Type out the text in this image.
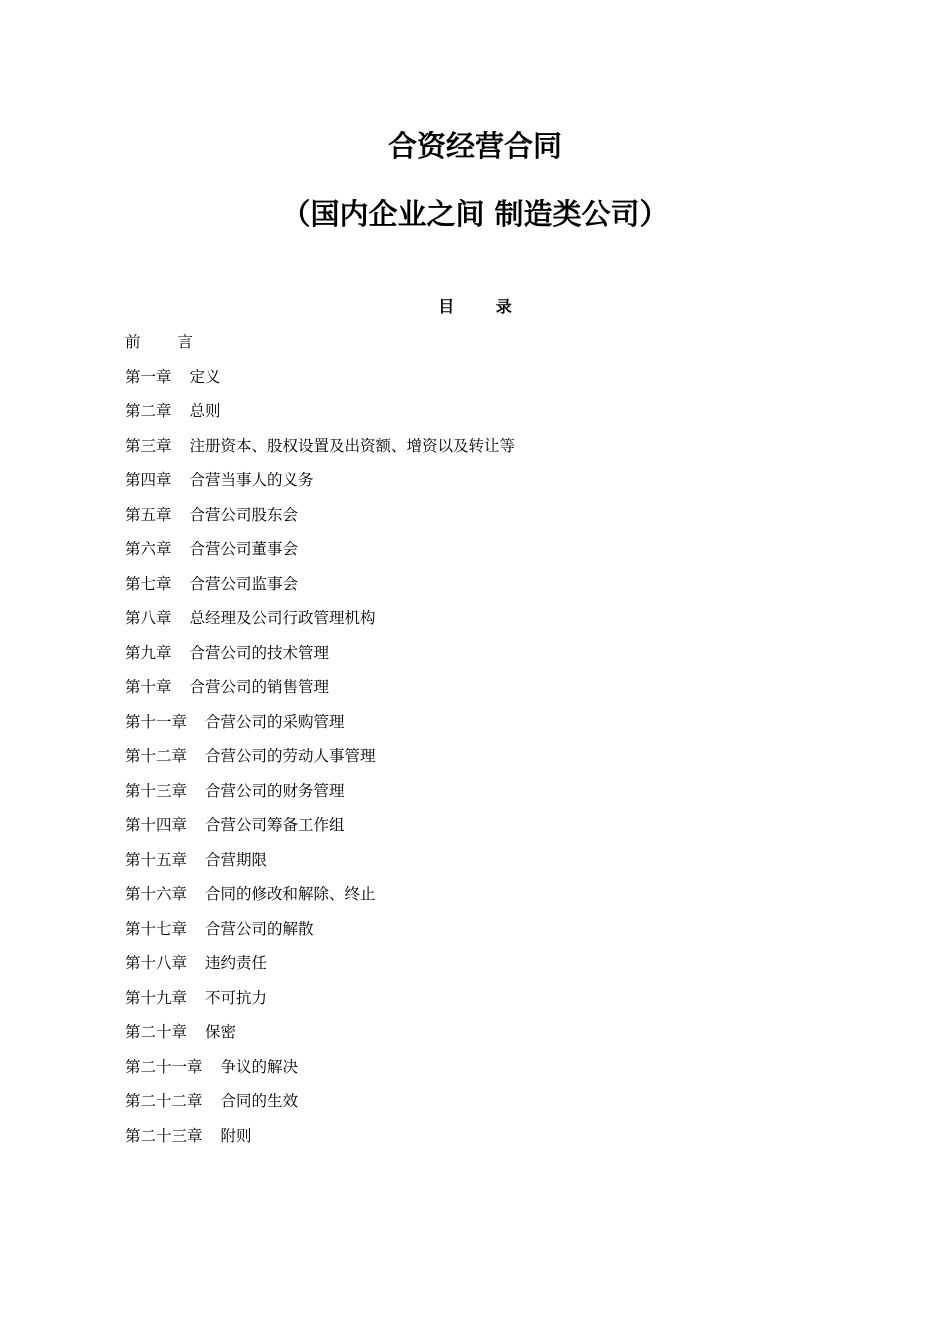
合资经营合同
（国内企业之间 制造类公司）
目 录
前 言
第一章 定义
第二章 总则
第三章 注册资本、股权设置及出资额、增资以及转让等
第四章 合营当事人的义务
第五章 合营公司股东会
第六章 合营公司董事会
第七章 合营公司监事会
第八章 总经理及公司行政管理机构
第九章 合营公司的技术管理
第十章 合营公司的销售管理
第十一章 合营公司的采购管理
第十二章 合营公司的劳动人事管理
第十三章 合营公司的财务管理
第十四章 合营公司筹备工作组
第十五章 合营期限
第十六章 合同的修改和解除、终止
第十七章 合营公司的解散
第十八章 违约责任
第十九章 不可抗力
第二十章 保密
第二十一章 争议的解决
第二十二章 合同的生效
第二十三章 附则
